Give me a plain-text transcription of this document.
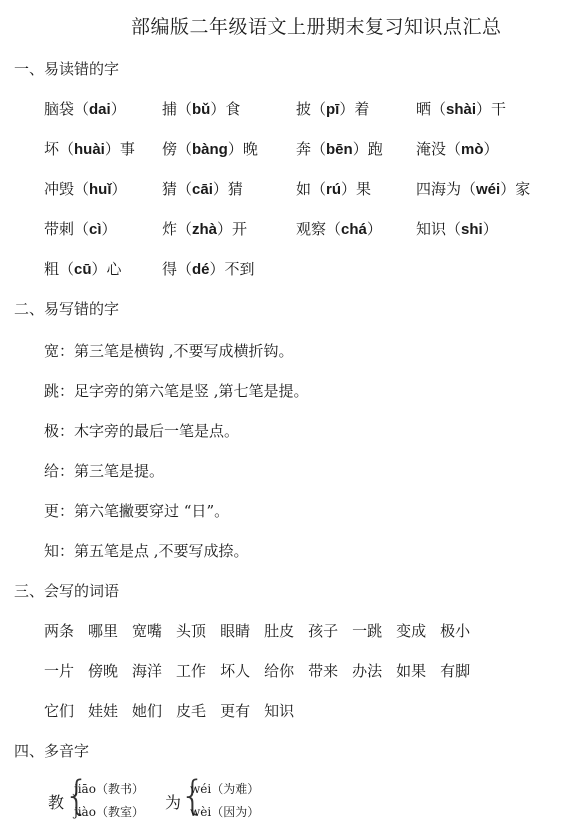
部编版二年级语文上册期末复习知识点汇总
一、易读错的字
脑袋（dai） 捕（bǔ）食	披（pī）着	晒（shài）干
坏（huài）事 傍（bàng）晚	奔（bēn）跑 淹没（mò）
冲毁（huǐ） 猜（cāi）猜	如（rú）果	四海为（wéi）家
带刺（cì）	炸（zhà）开	观察（chá） 知识（shi）
粗（cū）心	得（dé）不到
二、易写错的字
宽：第三笔是横钩 ,不要写成横折钩。
跳：足字旁的第六笔是竖 ,第七笔是提。
极：木字旁的最后一笔是点。
给：第三笔是提。
更：第六笔撇要穿过 “日”。
知：第五笔是点 ,不要写成捺。
三、会写的词语
两条 哪里 宽嘴 头顶 眼睛 肚皮 孩子 一跳 变成 极小
一片 傍晚 海洋 工作 坏人 给你 带来 办法 如果 有脚
它们 娃娃 她们 皮毛 更有 知识
四、多音字
教 {
jiāo（教书）
jiào（教室） 为
{
wéi（为难）
wèi（因为）
